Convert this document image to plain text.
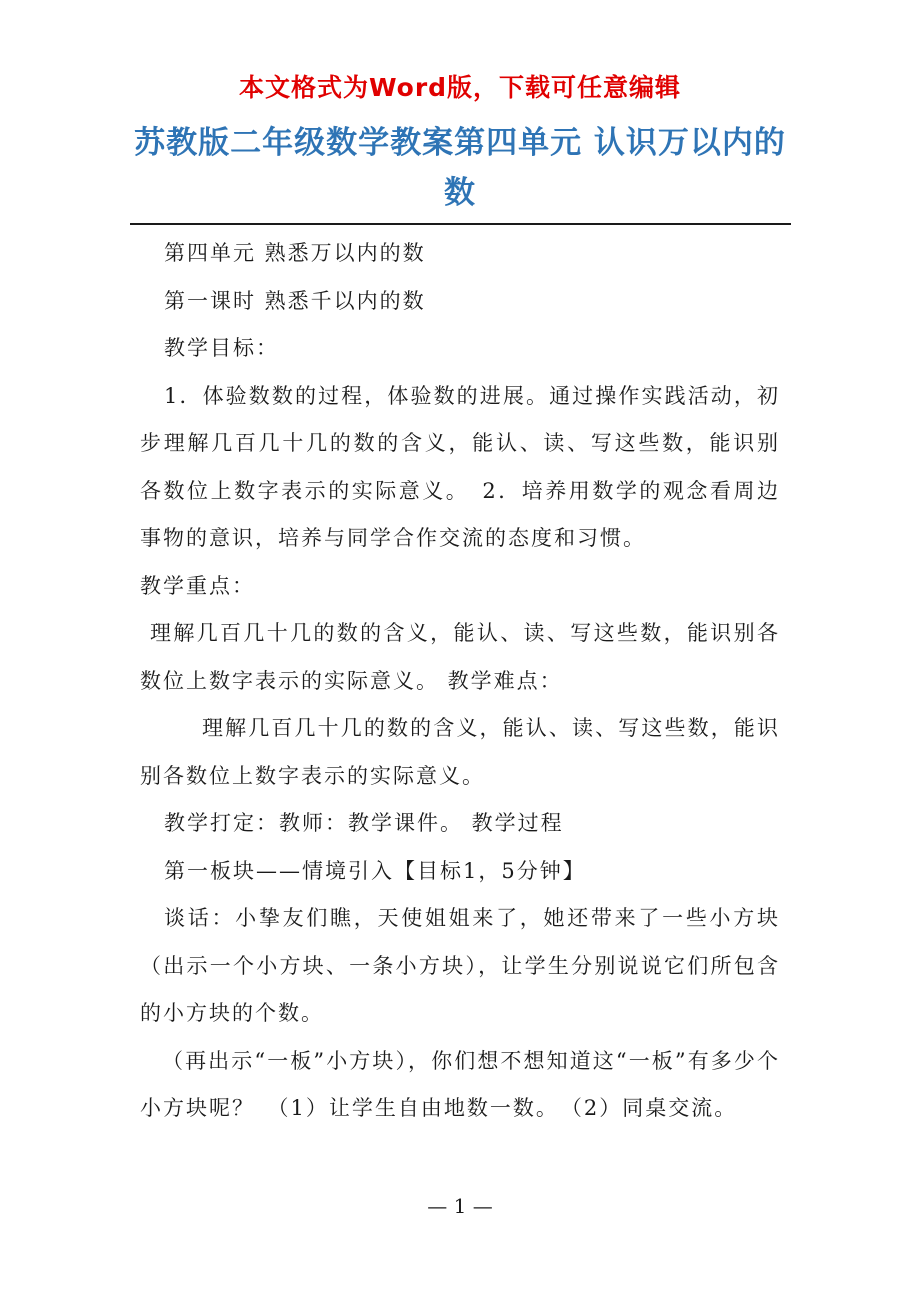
本文格式为Word版，下载可任意编辑
苏教版二年级数学教案第四单元 认识万以内的数

第四单元 熟悉万以内的数

第一课时 熟悉千以内的数

教学目标：

1．体验数数的过程，体验数的进展。通过操作实践活动，初步理解几百几十几的数的含义，能认、读、写这些数，能识别各数位上数字表示的实际意义。　2．培养用数学的观念看周边事物的意识，培养与同学合作交流的态度和习惯。

教学重点：

理解几百几十几的数的含义，能认、读、写这些数，能识别各数位上数字表示的实际意义。 教学难点：

理解几百几十几的数的含义，能认、读、写这些数，能识别各数位上数字表示的实际意义。

教学打定：教师：教学课件。 教学过程

第一板块——情境引入【目标1，5分钟】

谈话：小挚友们瞧，天使姐姐来了，她还带来了一些小方块（出示一个小方块、一条小方块），让学生分别说说它们所包含的小方块的个数。

（再出示“一板”小方块），你们想不想知道这“一板”有多少个小方块呢？　（1）让学生自由地数一数。　（2）同桌交流。

— 1 —
